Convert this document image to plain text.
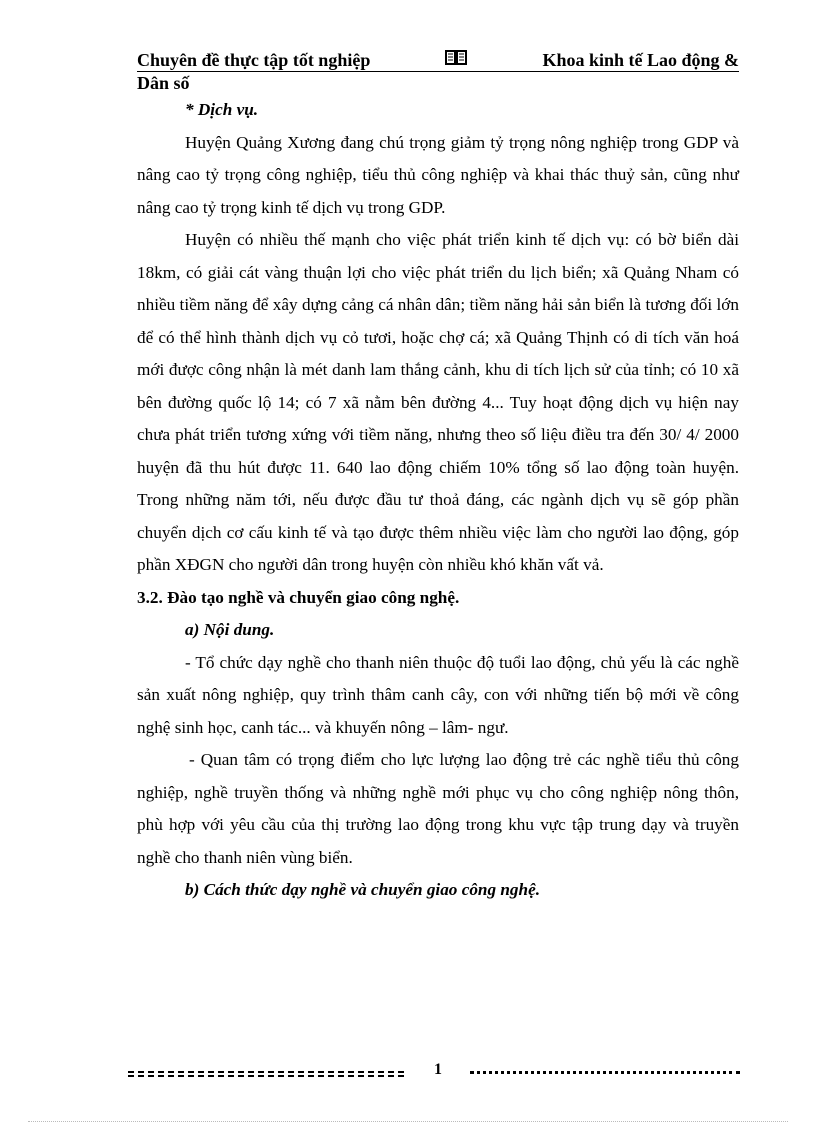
Chuyên đề thực tập tốt nghiệp	Khoa kinh tế Lao động &
Dân số

* Dịch vụ.

Huyện Quảng Xương đang chú trọng giảm tỷ trọng nông nghiệp trong GDP và nâng cao tỷ trọng công nghiệp, tiểu thủ công nghiệp và khai thác thuỷ sản, cũng như nâng cao tỷ trọng kinh tế dịch vụ trong GDP.

Huyện có nhiều thế mạnh cho việc phát triển kinh tế dịch vụ: có bờ biển dài 18km, có giải cát vàng thuận lợi cho việc phát triển du lịch biển; xã Quảng Nham có nhiều tiềm năng để xây dựng cảng cá nhân dân; tiềm năng hải sản biển là tương đối lớn để có thể hình thành dịch vụ cỏ tươi, hoặc chợ cá; xã Quảng Thịnh có di tích văn hoá mới được công nhận là mét danh lam thắng cảnh, khu di tích lịch sử của tỉnh; có 10 xã bên đường quốc lộ 14; có 7 xã nằm bên đường 4... Tuy hoạt động dịch vụ hiện nay chưa phát triển tương xứng với tiềm năng, nhưng theo số liệu điều tra đến 30/ 4/ 2000 huyện đã thu hút được 11. 640 lao động chiếm 10% tổng số lao động toàn huyện. Trong những năm tới, nếu được đầu tư thoả đáng, các ngành dịch vụ sẽ góp phần chuyển dịch cơ cấu kinh tế và tạo được thêm nhiều việc làm cho người lao động, góp phần XĐGN cho người dân trong huyện còn nhiều khó khăn vất vả.

3.2. Đào tạo nghề và chuyển giao công nghệ.

a) Nội dung.

- Tổ chức dạy nghề cho thanh niên thuộc độ tuổi lao động, chủ yếu là các nghề sản xuất nông nghiệp, quy trình thâm canh cây, con với những tiến bộ mới về công nghệ sinh học, canh tác... và khuyến nông – lâm- ngư.

- Quan tâm có trọng điểm cho lực lượng lao động trẻ các nghề tiểu thủ công nghiệp, nghề truyền thống và những nghề mới phục vụ cho công nghiệp nông thôn, phù hợp với yêu cầu của thị trường lao động trong khu vực tập trung dạy và truyền nghề cho thanh niên vùng biển.

b) Cách thức dạy nghề và chuyển giao công nghệ.

1
